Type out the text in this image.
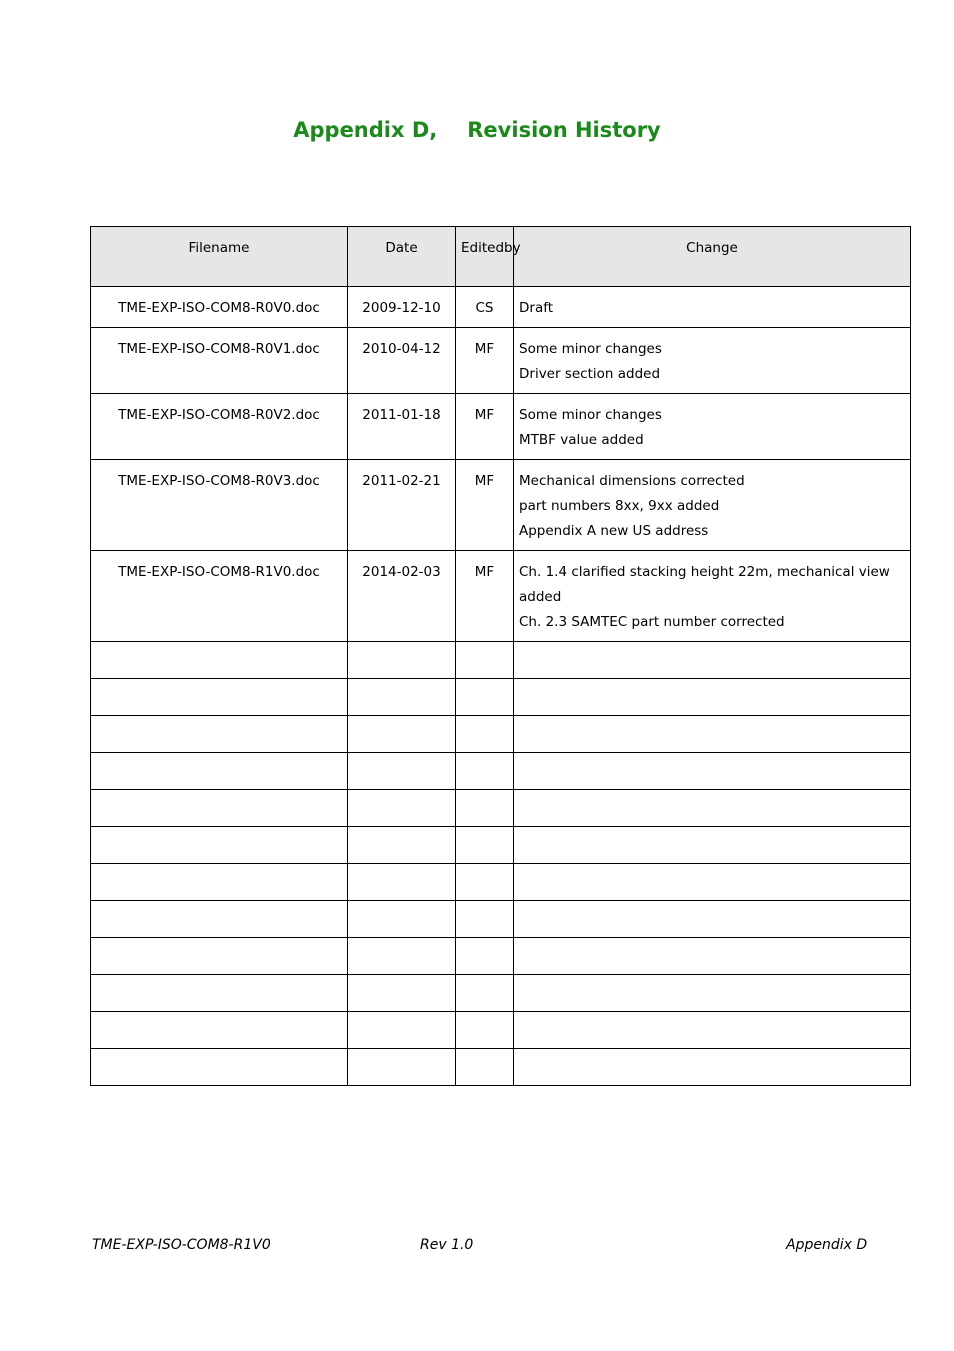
Appendix D, Revision History
Filename	Date	Editedby	Change
TME-EXP-ISO-COM8-R0V0.doc	2009-12-10	CS	Draft

TME-EXP-ISO-COM8-R0V1.doc	2010-04-12	MF	Some minor changes
Driver section added

TME-EXP-ISO-COM8-R0V2.doc	2011-01-18	MF	Some minor changes
MTBF value added

TME-EXP-ISO-COM8-R0V3.doc	2011-02-21	MF	Mechanical dimensions corrected
part numbers 8xx, 9xx added
Appendix A new US address

TME-EXP-ISO-COM8-R1V0.doc	2014-02-03	MF	Ch. 1.4 clarified stacking height 22m, mechanical view
added
Ch. 2.3 SAMTEC part number corrected

TME-EXP-ISO-COM8-R1V0	Rev 1.0	Appendix D
